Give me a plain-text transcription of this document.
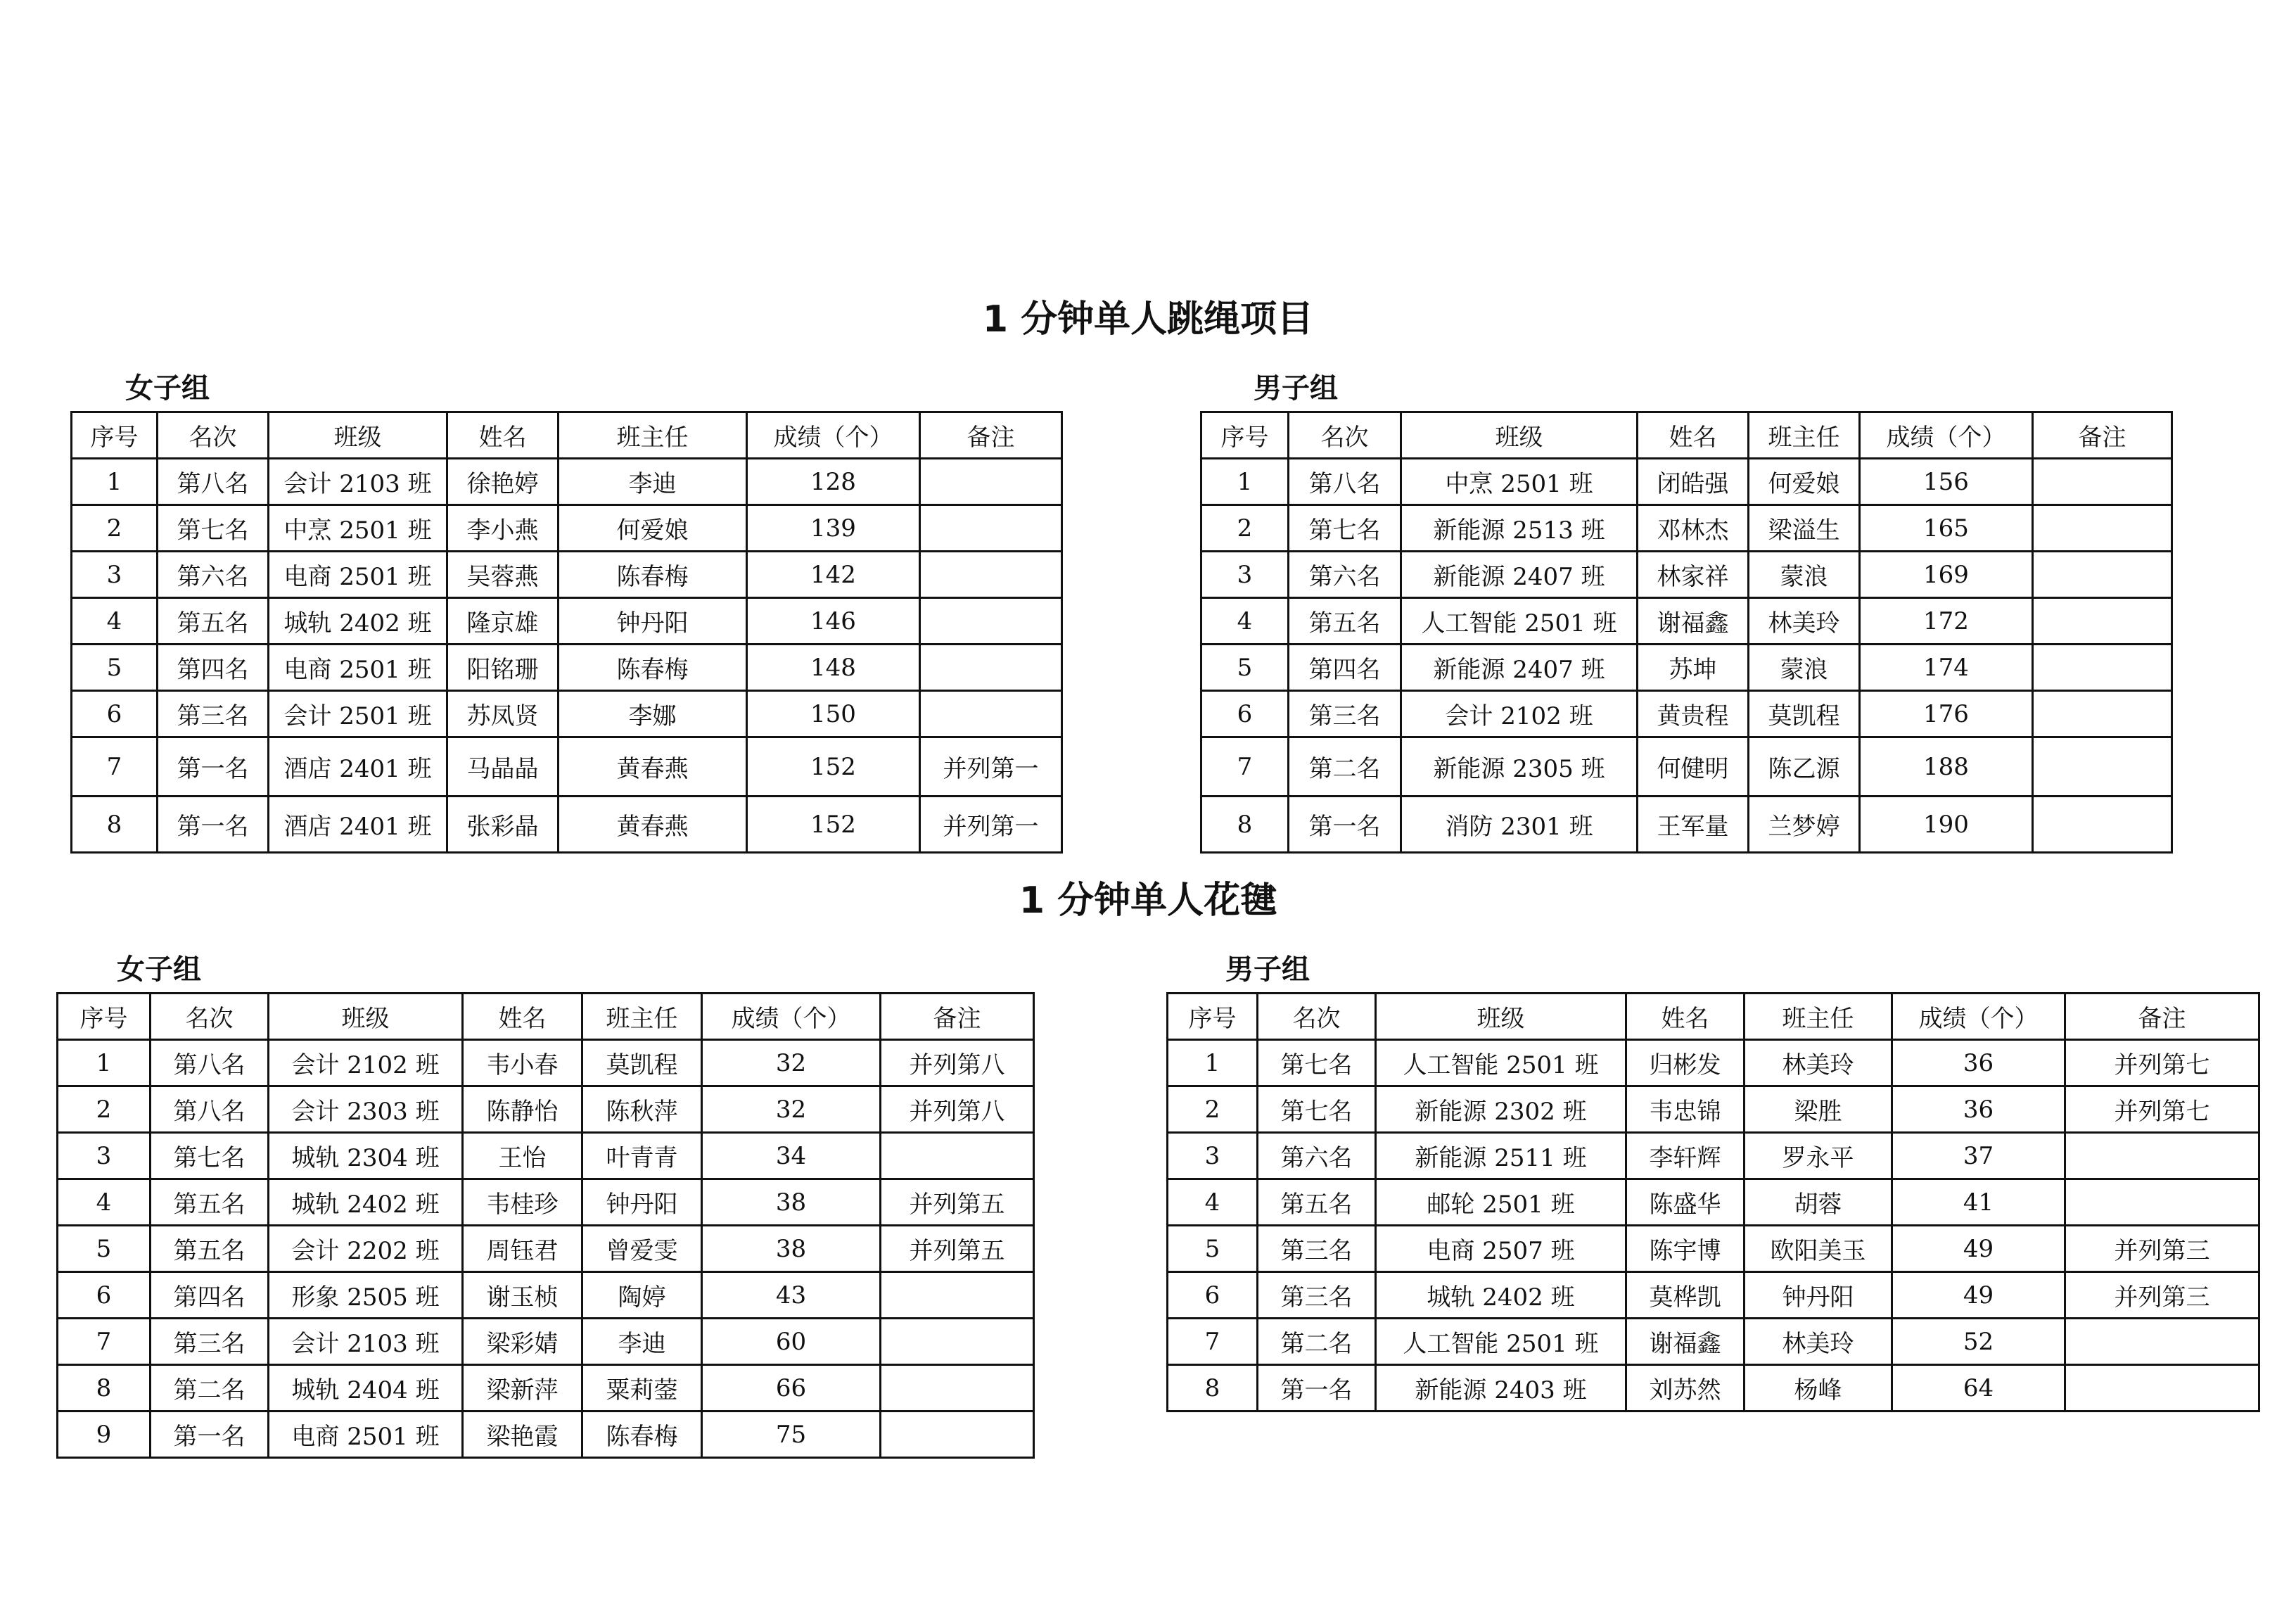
1 分钟单人跳绳项目
女子组
序号	名次	班级	姓名	班主任	成绩（个）	备注
1	第八名	会计 2103 班	徐艳婷	李迪	128	
2	第七名	中烹 2501 班	李小燕	何爱娘	139	
3	第六名	电商 2501 班	吴蓉燕	陈春梅	142	
4	第五名	城轨 2402 班	隆京雄	钟丹阳	146	
5	第四名	电商 2501 班	阳铭珊	陈春梅	148	
6	第三名	会计 2501 班	苏凤贤	李娜	150	
7	第一名	酒店 2401 班	马晶晶	黄春燕	152	并列第一
8	第一名	酒店 2401 班	张彩晶	黄春燕	152	并列第一
男子组
序号	名次	班级	姓名	班主任	成绩（个）	备注
1	第八名	中烹 2501 班	闭皓强	何爱娘	156	
2	第七名	新能源 2513 班	邓林杰	梁溢生	165	
3	第六名	新能源 2407 班	林家祥	蒙浪	169	
4	第五名	人工智能 2501 班	谢福鑫	林美玲	172	
5	第四名	新能源 2407 班	苏坤	蒙浪	174	
6	第三名	会计 2102 班	黄贵程	莫凯程	176	
7	第二名	新能源 2305 班	何健明	陈乙源	188	
8	第一名	消防 2301 班	王军量	兰梦婷	190	
1 分钟单人花毽
女子组
序号	名次	班级	姓名	班主任	成绩（个）	备注
1	第八名	会计 2102 班	韦小春	莫凯程	32	并列第八
2	第八名	会计 2303 班	陈静怡	陈秋萍	32	并列第八
3	第七名	城轨 2304 班	王怡	叶青青	34	
4	第五名	城轨 2402 班	韦桂珍	钟丹阳	38	并列第五
5	第五名	会计 2202 班	周钰君	曾爱雯	38	并列第五
6	第四名	形象 2505 班	谢玉桢	陶婷	43	
7	第三名	会计 2103 班	梁彩婧	李迪	60	
8	第二名	城轨 2404 班	梁新萍	粟莉蓥	66	
9	第一名	电商 2501 班	梁艳霞	陈春梅	75	
男子组
序号	名次	班级	姓名	班主任	成绩（个）	备注
1	第七名	人工智能 2501 班	归彬发	林美玲	36	并列第七
2	第七名	新能源 2302 班	韦忠锦	梁胜	36	并列第七
3	第六名	新能源 2511 班	李轩辉	罗永平	37	
4	第五名	邮轮 2501 班	陈盛华	胡蓉	41	
5	第三名	电商 2507 班	陈宇博	欧阳美玉	49	并列第三
6	第三名	城轨 2402 班	莫桦凯	钟丹阳	49	并列第三
7	第二名	人工智能 2501 班	谢福鑫	林美玲	52	
8	第一名	新能源 2403 班	刘苏然	杨峰	64	
